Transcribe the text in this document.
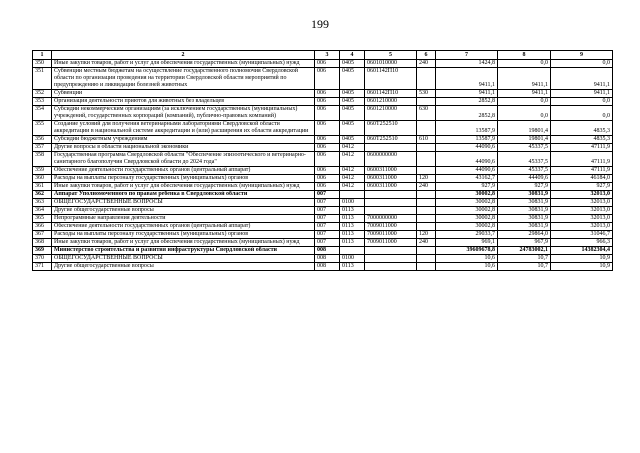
199
1	2	3	4	5	6	7	8	9
350	Иные закупки товаров, работ и услуг для обеспечения государственных (муниципальных) нужд	006	0405	0601010000	240	1424,8	0,0	0,0
351	Субвенции местным бюджетам на осуществление государственного полномочия Свердловской области по организации проведения на территории Свердловской области мероприятий по предупреждению и ликвидации болезней животных	006	0405	0601142П10		9411,1	9411,1	9411,1
352	Субвенции	006	0405	0601142П10	530	9411,1	9411,1	9411,1
353	Организация деятельности приютов для животных без владельцев	006	0405	0601210000		2852,8	0,0	0,0
354	Субсидии некоммерческим организациям (за исключением государственных (муниципальных) учреждений, государственных корпораций (компаний), публично-правовых компаний)	006	0405	0601210000	630	2852,8	0,0	0,0
355	Создание условий для получения ветеринарными лабораториями Свердловской области аккредитации в национальной системе аккредитации и (или) расширения их области аккредитации	006	0405	060Т252510		13587,9	19801,4	4835,3
356	Субсидии бюджетным учреждениям	006	0405	060Т252510	610	13587,9	19801,4	4835,3
357	Другие вопросы в области национальной экономики	006	0412			44090,6	45337,5	47111,9
358	Государственная программа Свердловской области "Обеспечение эпизоотического и ветеринарно-санитарного благополучия Свердловской области до 2024 года"	006	0412	0600000000		44090,6	45337,5	47111,9
359	Обеспечение деятельности государственных органов (центральный аппарат)	006	0412	0600311000		44090,6	45337,5	47111,9
360	Расходы на выплаты персоналу государственных (муниципальных) органов	006	0412	0600311000	120	43162,7	44409,6	46184,0
361	Иные закупки товаров, работ и услуг для обеспечения государственных (муниципальных) нужд	006	0412	0600311000	240	927,9	927,9	927,9
362	Аппарат Уполномоченного по правам ребенка в Свердловской области	007				30002,8	30831,9	32013,0
363	ОБЩЕГОСУДАРСТВЕННЫЕ ВОПРОСЫ	007	0100			30002,8	30831,9	32013,0
364	Другие общегосударственные вопросы	007	0113			30002,8	30831,9	32013,0
365	Непрограммные направления деятельности	007	0113	7000000000		30002,8	30831,9	32013,0
366	Обеспечение деятельности государственных органов (центральный аппарат)	007	0113	7009011000		30002,8	30831,9	32013,0
367	Расходы на выплаты персоналу государственных (муниципальных) органов	007	0113	7009011000	120	29033,7	29864,0	31046,7
368	Иные закупки товаров, работ и услуг для обеспечения государственных (муниципальных) нужд	007	0113	7009011000	240	969,1	967,9	966,3
369	Министерство строительства и развития инфраструктуры Свердловской области	008				39609678,8	24783002,1	14382304,4
370	ОБЩЕГОСУДАРСТВЕННЫЕ ВОПРОСЫ	008	0100			10,6	10,7	10,9
371	Другие общегосударственные вопросы	008	0113			10,6	10,7	10,9
